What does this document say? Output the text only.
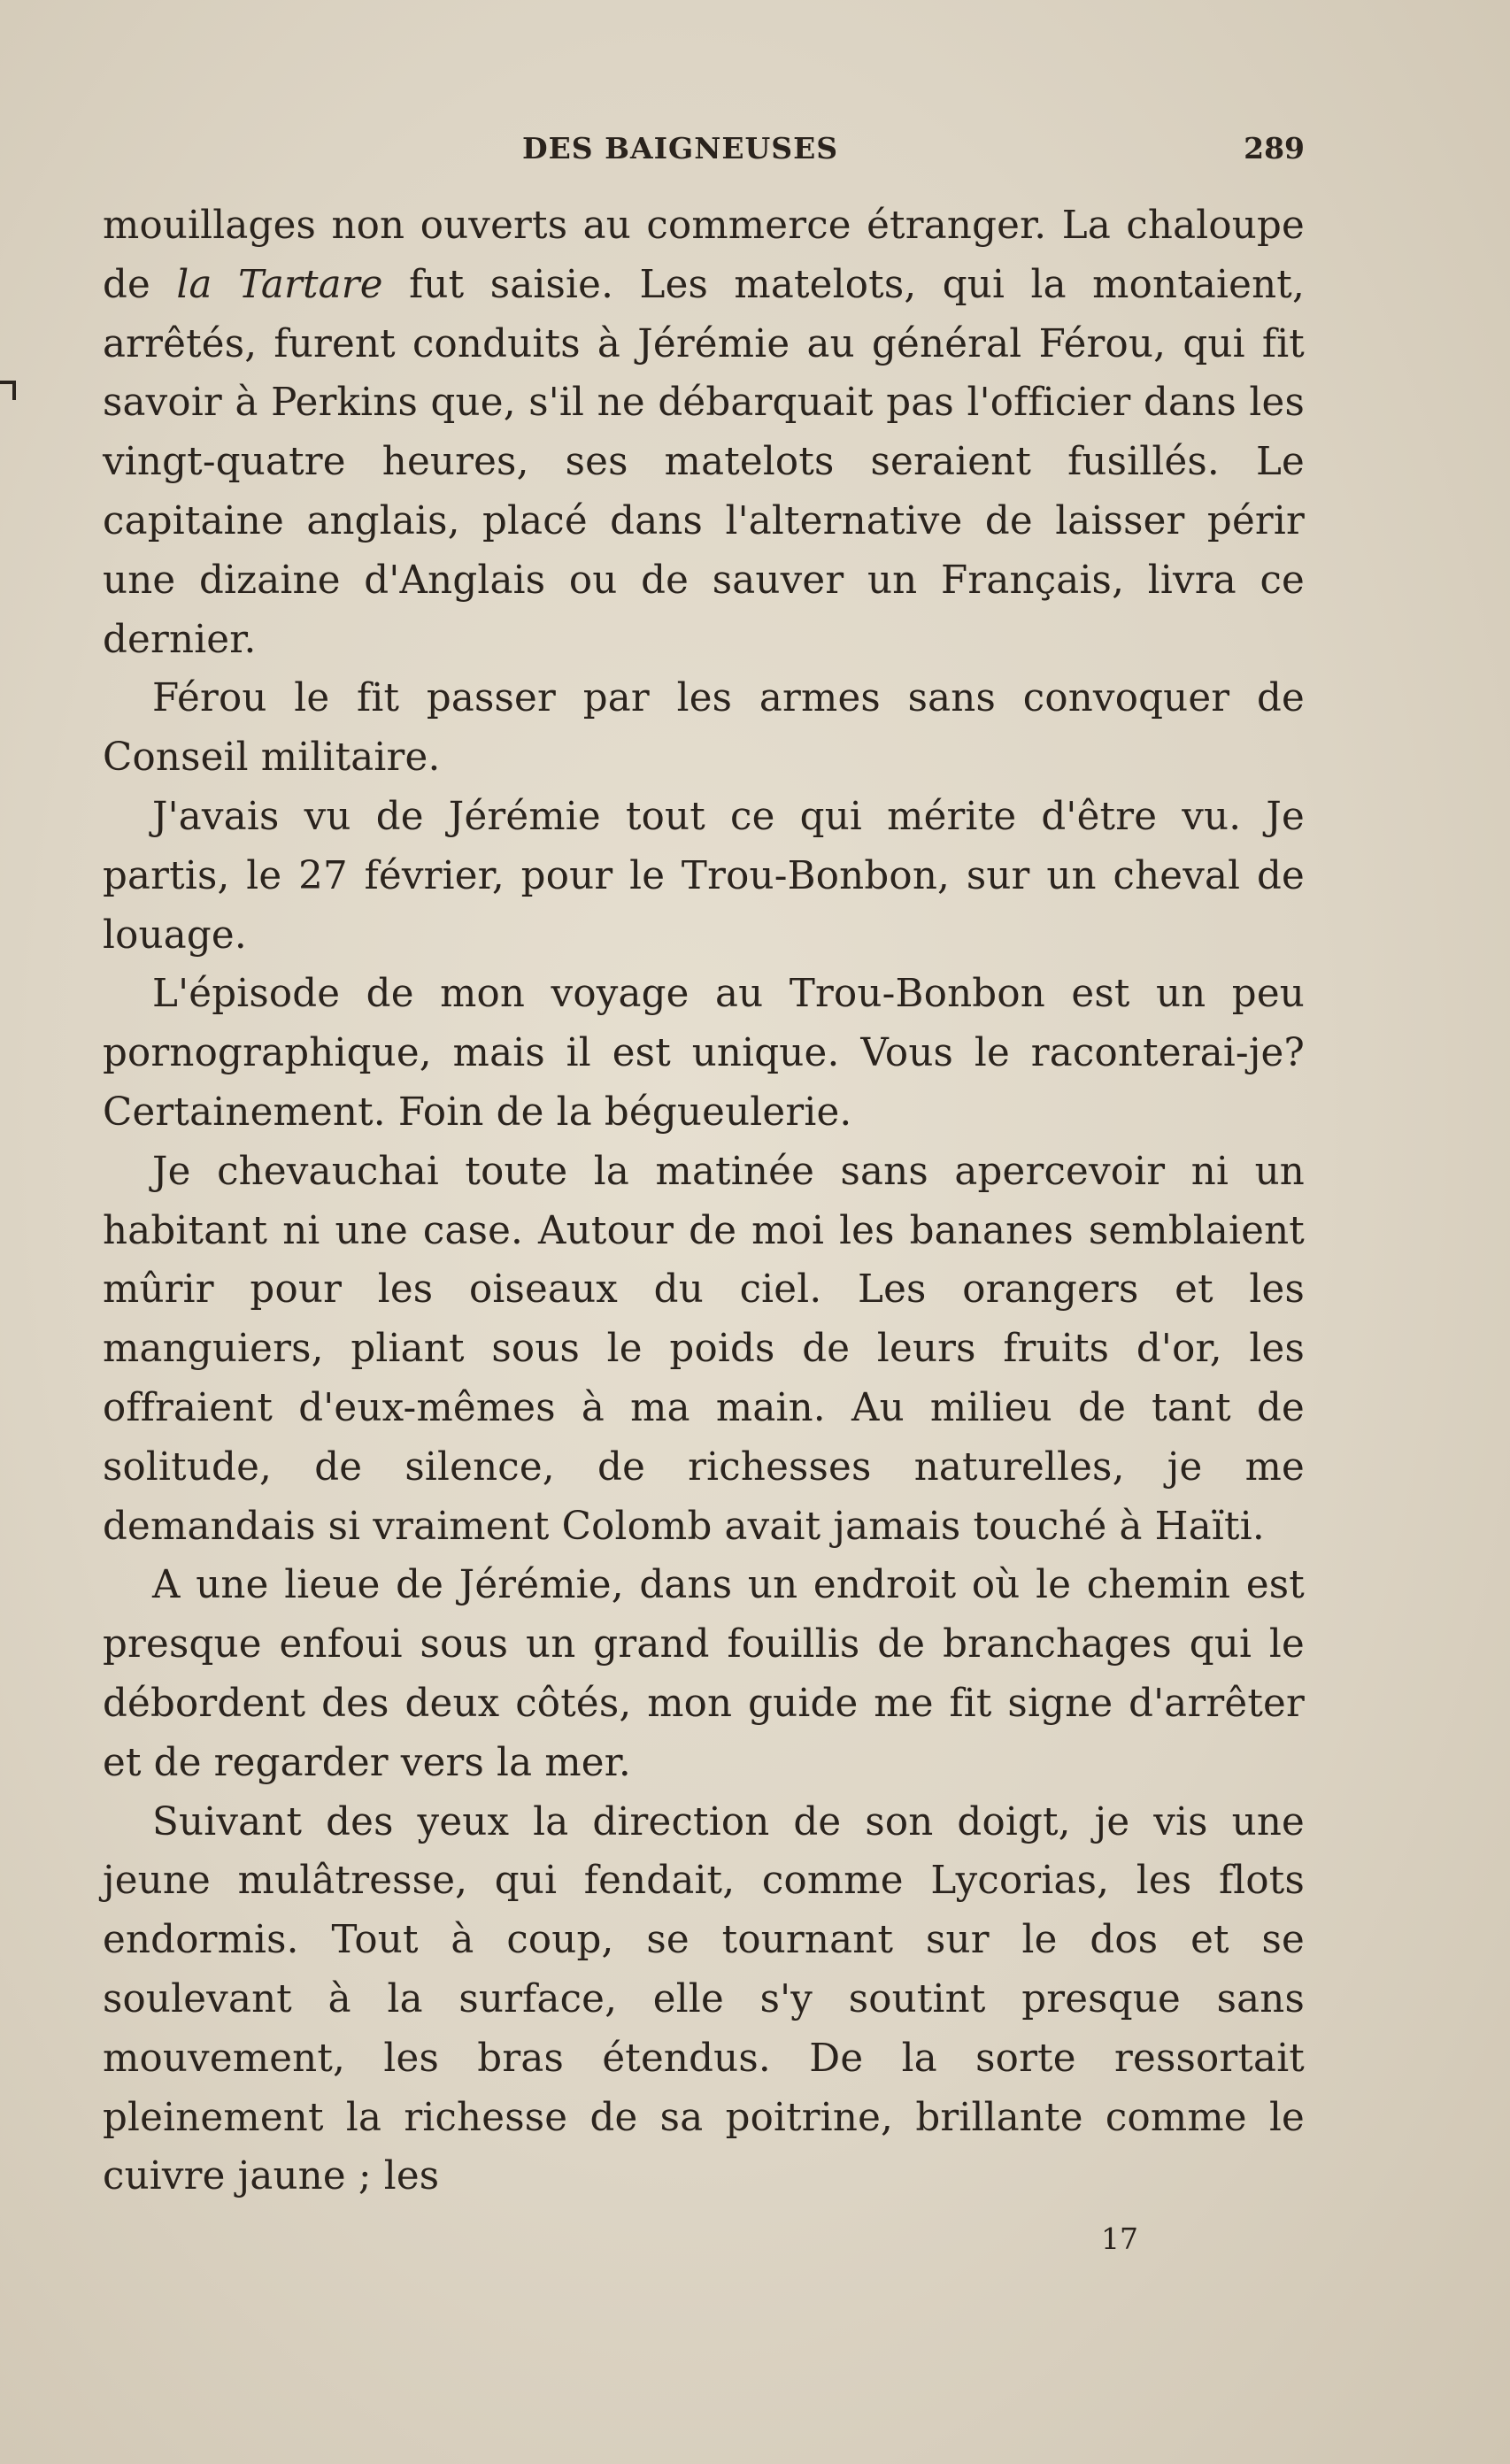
DES BAIGNEUSES	289

mouillages non ouverts au commerce étranger. La chaloupe de la Tartare fut saisie. Les matelots, qui la montaient, arrêtés, furent conduits à Jérémie au général Férou, qui fit savoir à Perkins que, s'il ne débarquait pas l'officier dans les vingt-quatre heures, ses matelots seraient fusillés. Le capitaine anglais, placé dans l'alternative de laisser périr une dizaine d'Anglais ou de sauver un Français, livra ce dernier.

Férou le fit passer par les armes sans convoquer de Conseil militaire.

J'avais vu de Jérémie tout ce qui mérite d'être vu. Je partis, le 27 février, pour le Trou-Bonbon, sur un cheval de louage.

L'épisode de mon voyage au Trou-Bonbon est un peu pornographique, mais il est unique. Vous le raconterai-je? Certainement. Foin de la bégueulerie.

Je chevauchai toute la matinée sans apercevoir ni un habitant ni une case. Autour de moi les bananes semblaient mûrir pour les oiseaux du ciel. Les orangers et les manguiers, pliant sous le poids de leurs fruits d'or, les offraient d'eux-mêmes à ma main. Au milieu de tant de solitude, de silence, de richesses naturelles, je me demandais si vraiment Colomb avait jamais touché à Haïti.

A une lieue de Jérémie, dans un endroit où le chemin est presque enfoui sous un grand fouillis de branchages qui le débordent des deux côtés, mon guide me fit signe d'arrêter et de regarder vers la mer.

Suivant des yeux la direction de son doigt, je vis une jeune mulâtresse, qui fendait, comme Lycorias, les flots endormis. Tout à coup, se tournant sur le dos et se soulevant à la surface, elle s'y soutint presque sans mouvement, les bras étendus. De la sorte ressortait pleinement la richesse de sa poitrine, brillante comme le cuivre jaune ; les

17
